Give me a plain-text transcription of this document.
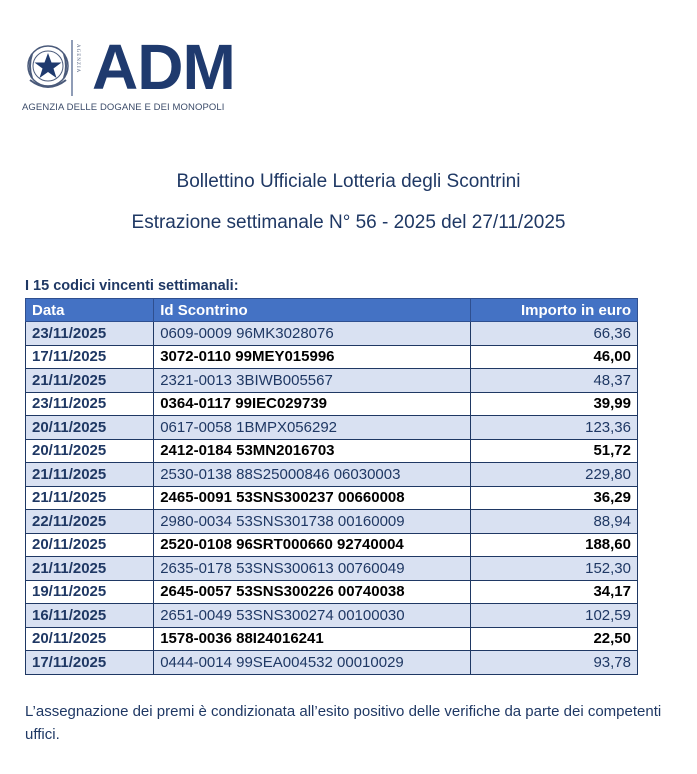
AGENZIA ADM
AGENZIA DELLE DOGANE E DEI MONOPOLI
Bollettino Ufficiale Lotteria degli Scontrini
Estrazione settimanale N° 56 - 2025 del 27/11/2025
I 15 codici vincenti settimanali:
Data	Id Scontrino	Importo in euro
23/11/2025	0609-0009 96MK3028076	66,36
17/11/2025	3072-0110 99MEY015996	46,00
21/11/2025	2321-0013 3BIWB005567	48,37
23/11/2025	0364-0117 99IEC029739	39,99
20/11/2025	0617-0058 1BMPX056292	123,36
20/11/2025	2412-0184 53MN2016703	51,72
21/11/2025	2530-0138 88S25000846 06030003	229,80
21/11/2025	2465-0091 53SNS300237 00660008	36,29
22/11/2025	2980-0034 53SNS301738 00160009	88,94
20/11/2025	2520-0108 96SRT000660 92740004	188,60
21/11/2025	2635-0178 53SNS300613 00760049	152,30
19/11/2025	2645-0057 53SNS300226 00740038	34,17
16/11/2025	2651-0049 53SNS300274 00100030	102,59
20/11/2025	1578-0036 88I24016241	22,50
17/11/2025	0444-0014 99SEA004532 00010029	93,78
L’assegnazione dei premi è condizionata all’esito positivo delle verifiche da parte dei competenti uffici.
